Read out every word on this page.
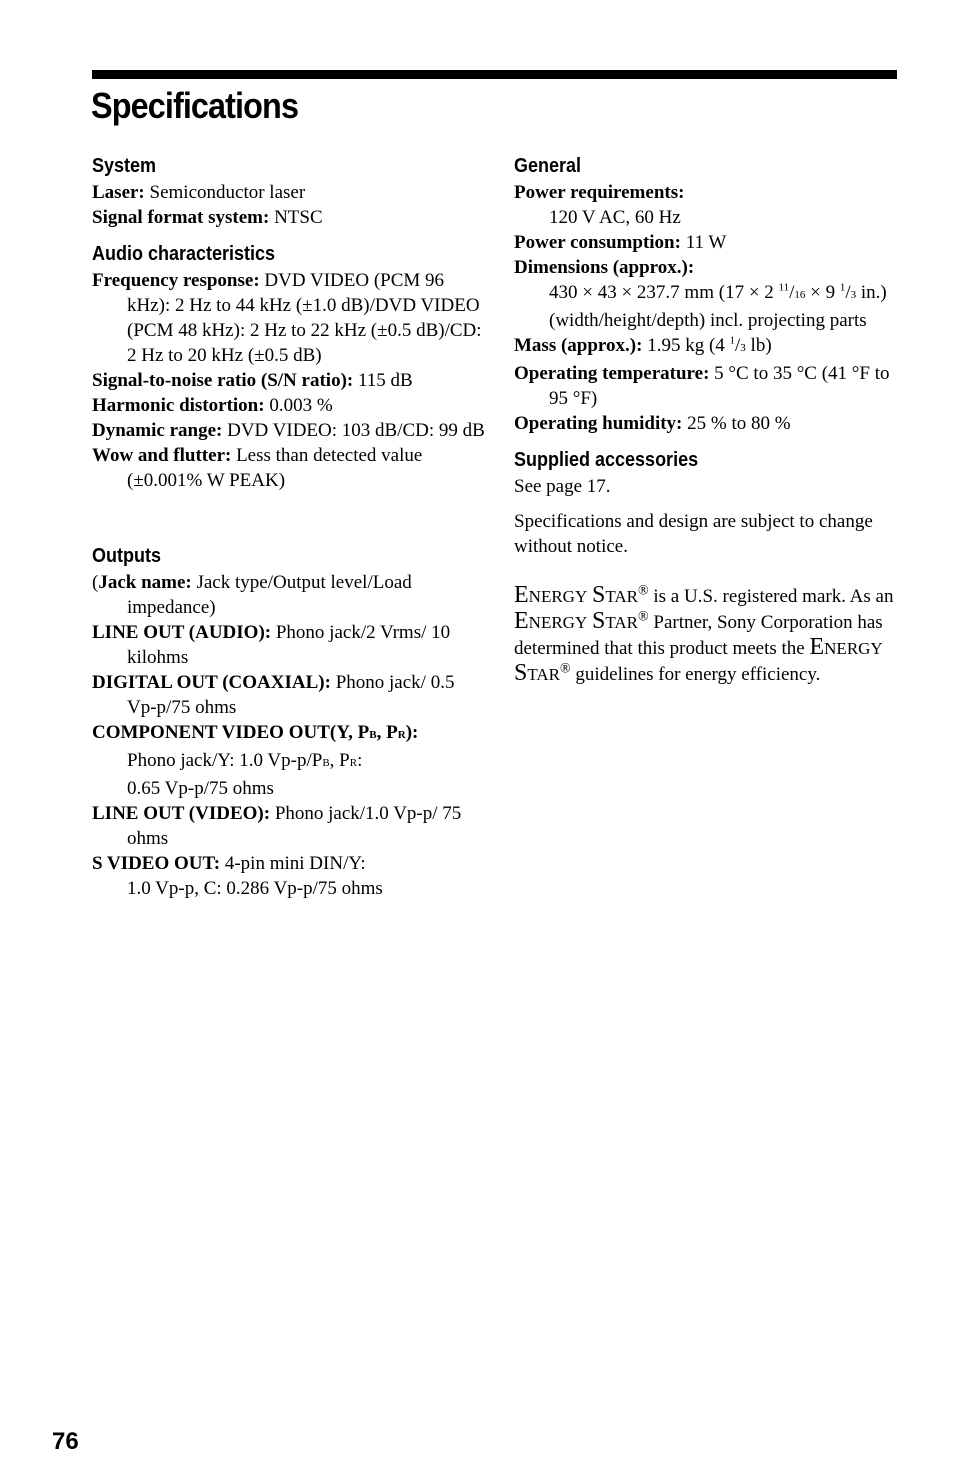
Specifications
System
Laser: Semiconductor laser
Signal format system: NTSC
Audio characteristics
Frequency response: DVD VIDEO (PCM 96 kHz): 2 Hz to 44 kHz (±1.0 dB)/DVD VIDEO (PCM 48 kHz): 2 Hz to 22 kHz (±0.5 dB)/CD: 2 Hz to 20 kHz (±0.5 dB)
Signal-to-noise ratio (S/N ratio): 115 dB
Harmonic distortion: 0.003 %
Dynamic range: DVD VIDEO: 103 dB/CD: 99 dB
Wow and flutter: Less than detected value (±0.001% W PEAK)
Outputs
(Jack name: Jack type/Output level/Load impedance)
LINE OUT (AUDIO): Phono jack/2 Vrms/ 10 kilohms
DIGITAL OUT (COAXIAL): Phono jack/ 0.5 Vp-p/75 ohms
COMPONENT VIDEO OUT(Y, PB, PR):
Phono jack/Y: 1.0 Vp-p/PB, PR:
0.65 Vp-p/75 ohms
LINE OUT (VIDEO): Phono jack/1.0 Vp-p/ 75 ohms
S VIDEO OUT: 4-pin mini DIN/Y:
1.0 Vp-p, C: 0.286 Vp-p/75 ohms
General
Power requirements:
120 V AC, 60 Hz
Power consumption: 11 W
Dimensions (approx.):
430 × 43 × 237.7 mm (17 × 2 $^{11}$/16 × 9 $^1$/3 in.) (width/height/depth) incl. projecting parts
Mass (approx.): 1.95 kg (4 $^1$/3 lb)
Operating temperature: 5 °C to 35 °C (41 °F to 95 °F)
Operating humidity: 25 % to 80 %
Supplied accessories

See page 17.

Specifications and design are subject to change without notice.

ENERGY STAR® is a U.S. registered mark. As an ENERGY STAR® Partner, Sony Corporation has determined that this product meets the ENERGY STAR® guidelines for energy efficiency.

76
